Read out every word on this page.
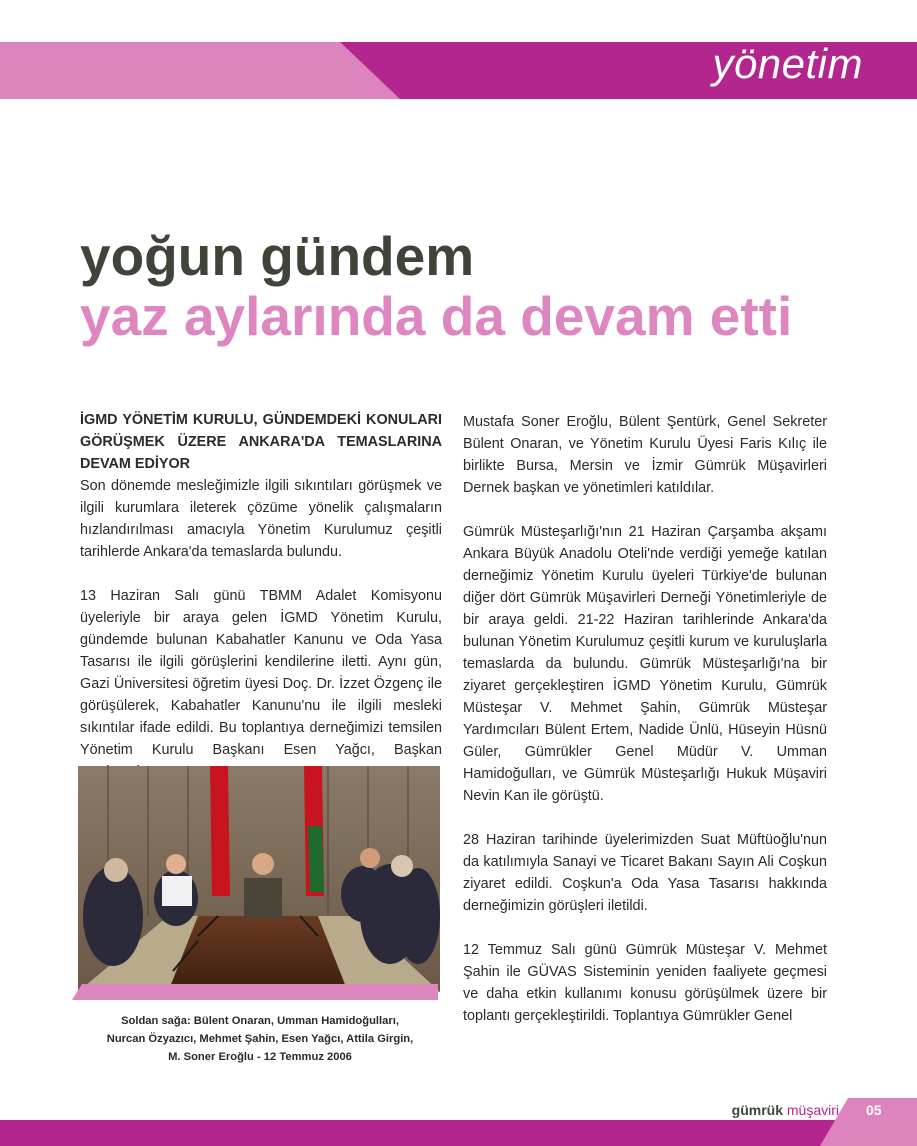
yönetim
yoğun gündem
yaz aylarında da devam etti

İGMD YÖNETİM KURULU, GÜNDEMDEKİ KONULARI GÖRÜŞMEK ÜZERE ANKARA'DA TEMASLARINA DEVAM EDİYOR

Son dönemde mesleğimizle ilgili sıkıntıları görüşmek ve ilgili kurumlara ileterek çözüme yönelik çalışmaların hızlandırılması amacıyla Yönetim Kurulumuz çeşitli tarihlerde Ankara'da temaslarda bulundu.

13 Haziran Salı günü TBMM Adalet Komisyonu üyeleriyle bir araya gelen İGMD Yönetim Kurulu, gündemde bulunan Kabahatler Kanunu ve Oda Yasa Tasarısı ile ilgili görüşlerini kendilerine iletti. Aynı gün, Gazi Üniversitesi öğretim üyesi Doç. Dr. İzzet Özgenç ile görüşülerek, Kabahatler Kanunu'nu ile ilgili mesleki sıkıntılar ifade edildi. Bu toplantıya derneğimizi temsilen Yönetim Kurulu Başkanı Esen Yağcı, Başkan

Soldan sağa: Bülent Onaran, Umman Hamidoğulları,
Nurcan Özyazıcı, Mehmet Şahin, Esen Yağcı, Attila Girgin,
M. Soner Eroğlu - 12 Temmuz 2006

Mustafa Soner Eroğlu, Bülent Şentürk, Genel Sekreter Bülent Onaran, ve Yönetim Kurulu Üyesi Faris Kılıç ile birlikte Bursa, Mersin ve İzmir Gümrük Müşavirleri Dernek başkan ve yönetimleri katıldılar.

Gümrük Müsteşarlığı'nın 21 Haziran Çarşamba akşamı Ankara Büyük Anadolu Oteli'nde verdiği yemeğe katılan derneğimiz Yönetim Kurulu üyeleri Türkiye'de bulunan diğer dört Gümrük Müşavirleri Derneği Yönetimleriyle de bir araya geldi. 21-22 Haziran tarihlerinde Ankara'da bulunan Yönetim Kurulumuz çeşitli kurum ve kuruluşlarla temaslarda da bulundu. Gümrük Müsteşarlığı'na bir ziyaret gerçekleştiren İGMD Yönetim Kurulu, Gümrük Müsteşar V. Mehmet Şahin, Gümrük Müsteşar Yardımcıları Bülent Ertem, Nadide Ünlü, Hüseyin Hüsnü Güler, Gümrükler Genel Müdür V. Umman Hamidoğulları, ve Gümrük Müsteşarlığı Hukuk Müşaviri Nevin Kan ile görüştü.

28 Haziran tarihinde üyelerimizden Suat Müftüoğlu'nun da katılımıyla Sanayi ve Ticaret Bakanı Sayın Ali Coşkun ziyaret edildi. Coşkun'a Oda Yasa Tasarısı hakkında derneğimizin görüşleri iletildi.

12 Temmuz Salı günü Gümrük Müsteşar V. Mehmet Şahin ile GÜVAS Sisteminin yeniden faaliyete geçmesi ve daha etkin kullanımı konusu görüşülmek üzere bir toplantı gerçekleştirildi. Toplantıya Gümrükler Genel

gümrük müşaviri 05
